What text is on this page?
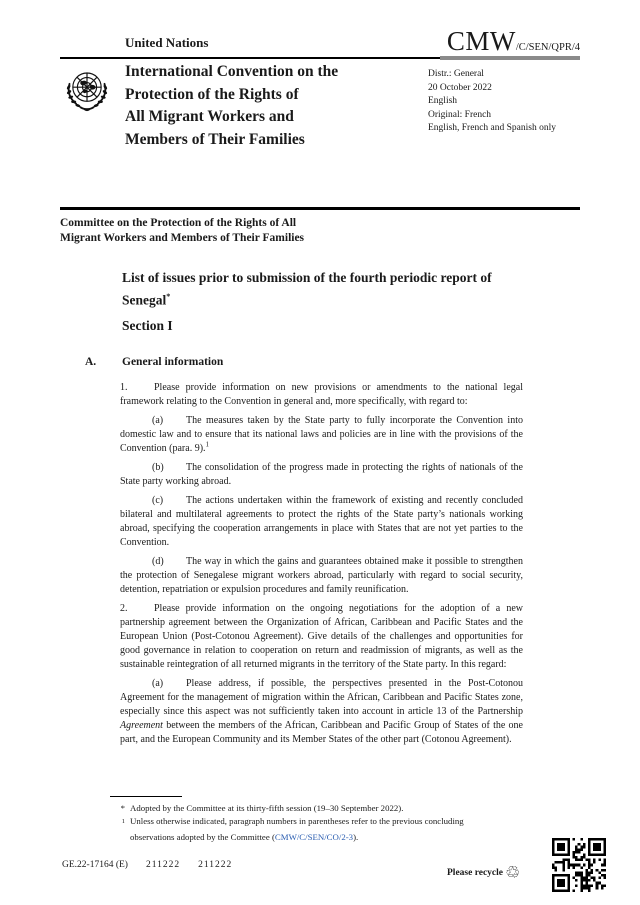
United Nations	CMW/C/SEN/QPR/4
International Convention on the
Protection of the Rights of
All Migrant Workers and
Members of Their Families
Distr.: General
20 October 2022
English
Original: French
English, French and Spanish only
Committee on the Protection of the Rights of All
Migrant Workers and Members of Their Families
List of issues prior to submission of the fourth periodic report of Senegal*
Section I
A. General information

1.	Please provide information on new provisions or amendments to the national legal framework relating to the Convention in general and, more specifically, with regard to:

(a) The measures taken by the State party to fully incorporate the Convention into domestic law and to ensure that its national laws and policies are in line with the provisions of the Convention (para. 9).$^1$

(b) The consolidation of the progress made in protecting the rights of nationals of the State party working abroad.

(c) The actions undertaken within the framework of existing and recently concluded bilateral and multilateral agreements to protect the rights of the State party’s nationals working abroad, specifying the cooperation arrangements in place with States that are not yet parties to the Convention.

(d) The way in which the gains and guarantees obtained make it possible to strengthen the protection of Senegalese migrant workers abroad, particularly with regard to social security, detention, repatriation or expulsion procedures and family reunification.

2.	Please provide information on the ongoing negotiations for the adoption of a new partnership agreement between the Organization of African, Caribbean and Pacific States and the European Union (Post-Cotonou Agreement). Give details of the challenges and opportunities for good governance in relation to cooperation on return and readmission of migrants, as well as the sustainable reintegration of all returned migrants in the territory of the State party. In this regard:

(a) Please address, if possible, the perspectives presented in the Post-Cotonou Agreement for the management of migration within the African, Caribbean and Pacific States zone, especially since this aspect was not sufficiently taken into account in article 13 of the Partnership Agreement between the members of the African, Caribbean and Pacific Group of States of the one part, and the European Community and its Member States of the other part (Cotonou Agreement).

* Adopted by the Committee at its thirty-fifth session (19–30 September 2022).
$^1$ Unless otherwise indicated, paragraph numbers in parentheses refer to the previous concluding observations adopted by the Committee (CMW/C/SEN/CO/2-3).
GE.22-17164 (E) 211222 211222
Please recycle ♲
